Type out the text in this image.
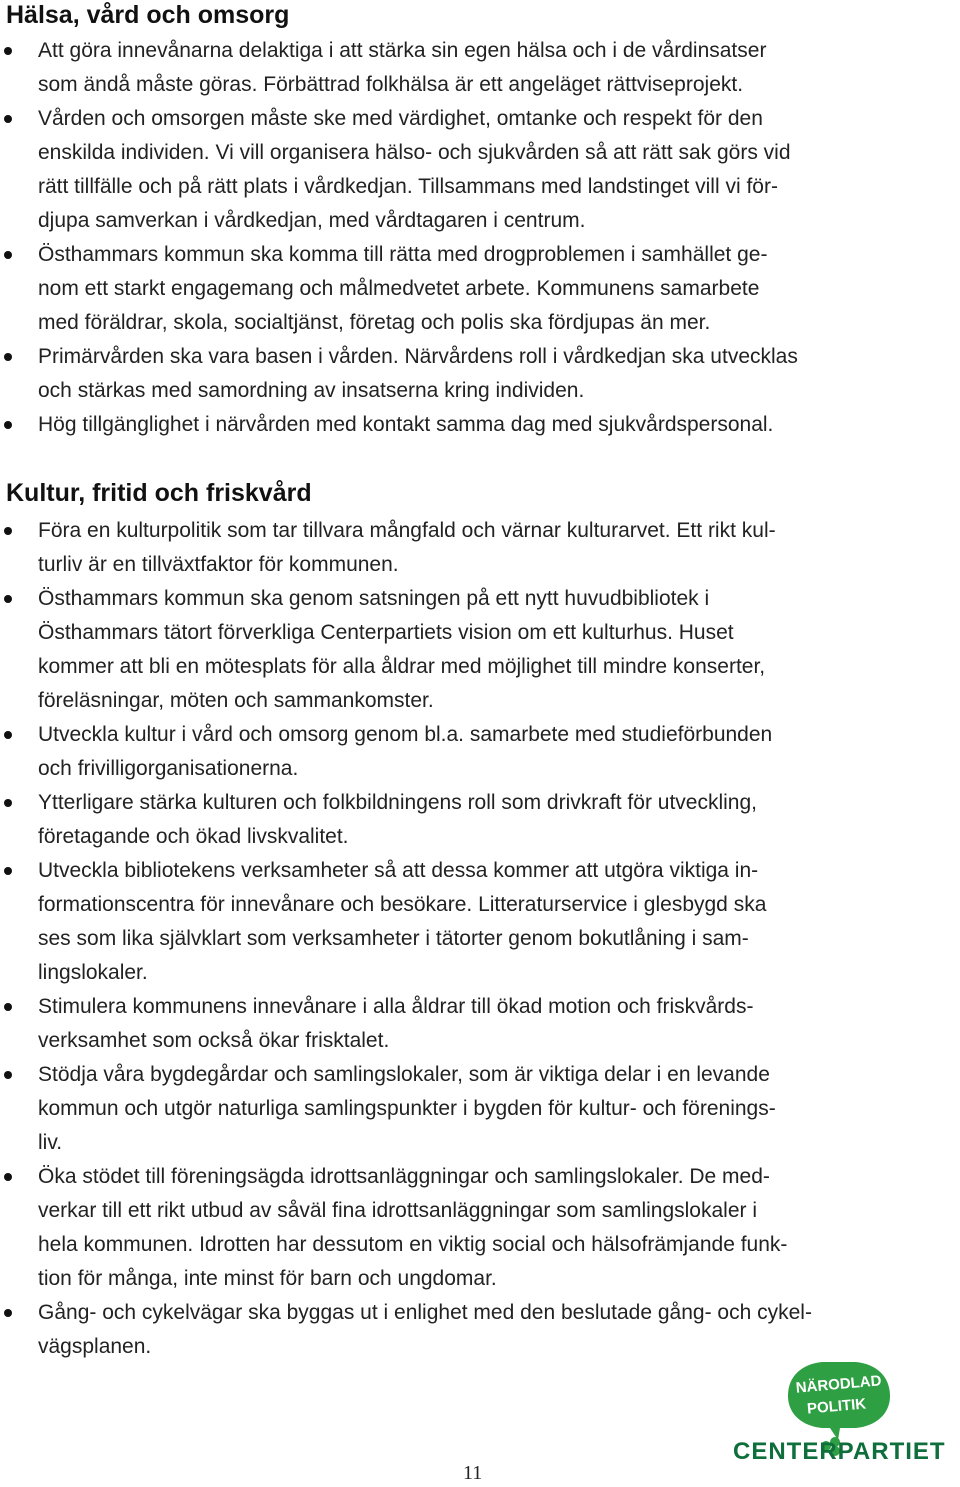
Hälsa, vård och omsorg
Att göra innevånarna delaktiga i att stärka sin egen hälsa och i de vårdinsatser
som ändå måste göras. Förbättrad folkhälsa är ett angeläget rättviseprojekt.
Vården och omsorgen måste ske med värdighet, omtanke och respekt för den
enskilda individen. Vi vill organisera hälso- och sjukvården så att rätt sak görs vid
rätt tillfälle och på rätt plats i vårdkedjan. Tillsammans med landstinget vill vi för-
djupa samverkan i vårdkedjan, med vårdtagaren i centrum.
Östhammars kommun ska komma till rätta med drogproblemen i samhället ge-
nom ett starkt engagemang och målmedvetet arbete. Kommunens samarbete
med föräldrar, skola, socialtjänst, företag och polis ska fördjupas än mer.
Primärvården ska vara basen i vården. Närvårdens roll i vårdkedjan ska utvecklas
och stärkas med samordning av insatserna kring individen.
Hög tillgänglighet i närvården med kontakt samma dag med sjukvårdspersonal.
Kultur, fritid och friskvård
Föra en kulturpolitik som tar tillvara mångfald och värnar kulturarvet. Ett rikt kul-
turliv är en tillväxtfaktor för kommunen.
Östhammars kommun ska genom satsningen på ett nytt huvudbibliotek i
Östhammars tätort förverkliga Centerpartiets vision om ett kulturhus. Huset
kommer att bli en mötesplats för alla åldrar med möjlighet till mindre konserter,
föreläsningar, möten och sammankomster.
Utveckla kultur i vård och omsorg genom bl.a. samarbete med studieförbunden
och frivilligorganisationerna.
Ytterligare stärka kulturen och folkbildningens roll som drivkraft för utveckling,
företagande och ökad livskvalitet.
Utveckla bibliotekens verksamheter så att dessa kommer att utgöra viktiga in-
formationscentra för innevånare och besökare. Litteraturservice i glesbygd ska
ses som lika självklart som verksamheter i tätorter genom bokutlåning i sam-
lingslokaler.
Stimulera kommunens innevånare i alla åldrar till ökad motion och friskvårds-
verksamhet som också ökar frisktalet.
Stödja våra bygdegårdar och samlingslokaler, som är viktiga delar i en levande
kommun och utgör naturliga samlingspunkter i bygden för kultur- och förenings-
liv.
Öka stödet till föreningsägda idrottsanläggningar och samlingslokaler. De med-
verkar till ett rikt utbud av såväl fina idrottsanläggningar som samlingslokaler i
hela kommunen. Idrotten har dessutom en viktig social och hälsofrämjande funk-
tion för många, inte minst för barn och ungdomar.
Gång- och cykelvägar ska byggas ut i enlighet med den beslutade gång- och cykel-
vägsplanen.
NÄRODLAD
POLITIK
CENTERPARTIET
11
